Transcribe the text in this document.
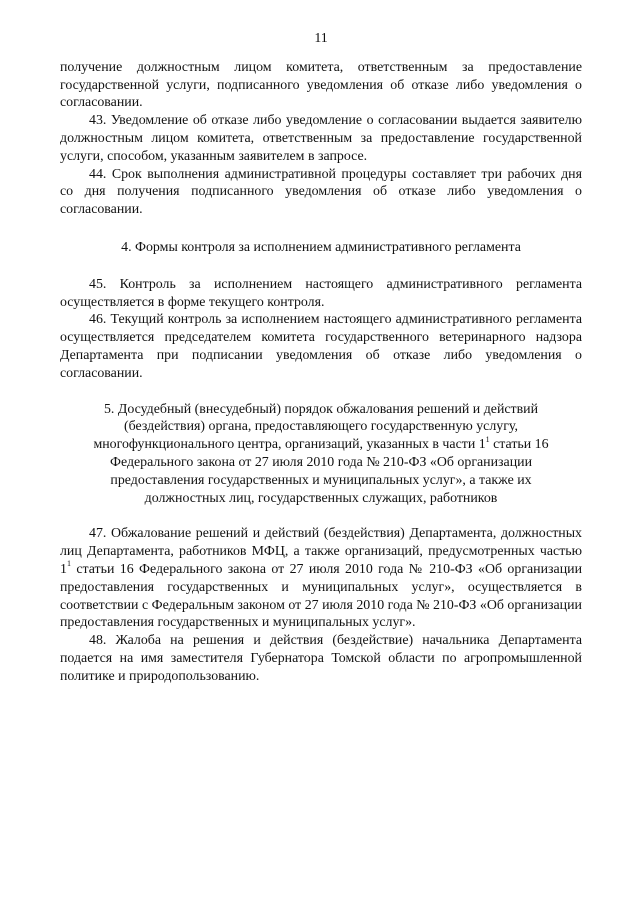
11

получение должностным лицом комитета, ответственным за предоставление государственной услуги, подписанного уведомления об отказе либо уведомления о согласовании.

43. Уведомление об отказе либо уведомление о согласовании выдается заявителю должностным лицом комитета, ответственным за предоставление государственной услуги, способом, указанным заявителем в запросе.

44. Срок выполнения административной процедуры составляет три рабочих дня со дня получения подписанного уведомления об отказе либо уведомления о согласовании.

4. Формы контроля за исполнением административного регламента

45. Контроль за исполнением настоящего административного регламента осуществляется в форме текущего контроля.

46. Текущий контроль за исполнением настоящего административного регламента осуществляется председателем комитета государственного ветеринарного надзора Департамента при подписании уведомления об отказе либо уведомления о согласовании.

5. Досудебный (внесудебный) порядок обжалования решений и действий
(бездействия) органа, предоставляющего государственную услугу,
многофункционального центра, организаций, указанных в части $1^1$ статьи 16
Федерального закона от 27 июля 2010 года № 210-ФЗ «Об организации
предоставления государственных и муниципальных услуг», а также их
должностных лиц, государственных служащих, работников

47. Обжалование решений и действий (бездействия) Департамента, должностных лиц Департамента, работников МФЦ, а также организаций, предусмотренных частью $1^1$ статьи 16 Федерального закона от 27 июля 2010 года № 210-ФЗ «Об организации предоставления государственных и муниципальных услуг», осуществляется в соответствии с Федеральным законом от 27 июля 2010 года № 210-ФЗ «Об организации предоставления государственных и муниципальных услуг».

48. Жалоба на решения и действия (бездействие) начальника Департамента подается на имя заместителя Губернатора Томской области по агропромышленной политике и природопользованию.
